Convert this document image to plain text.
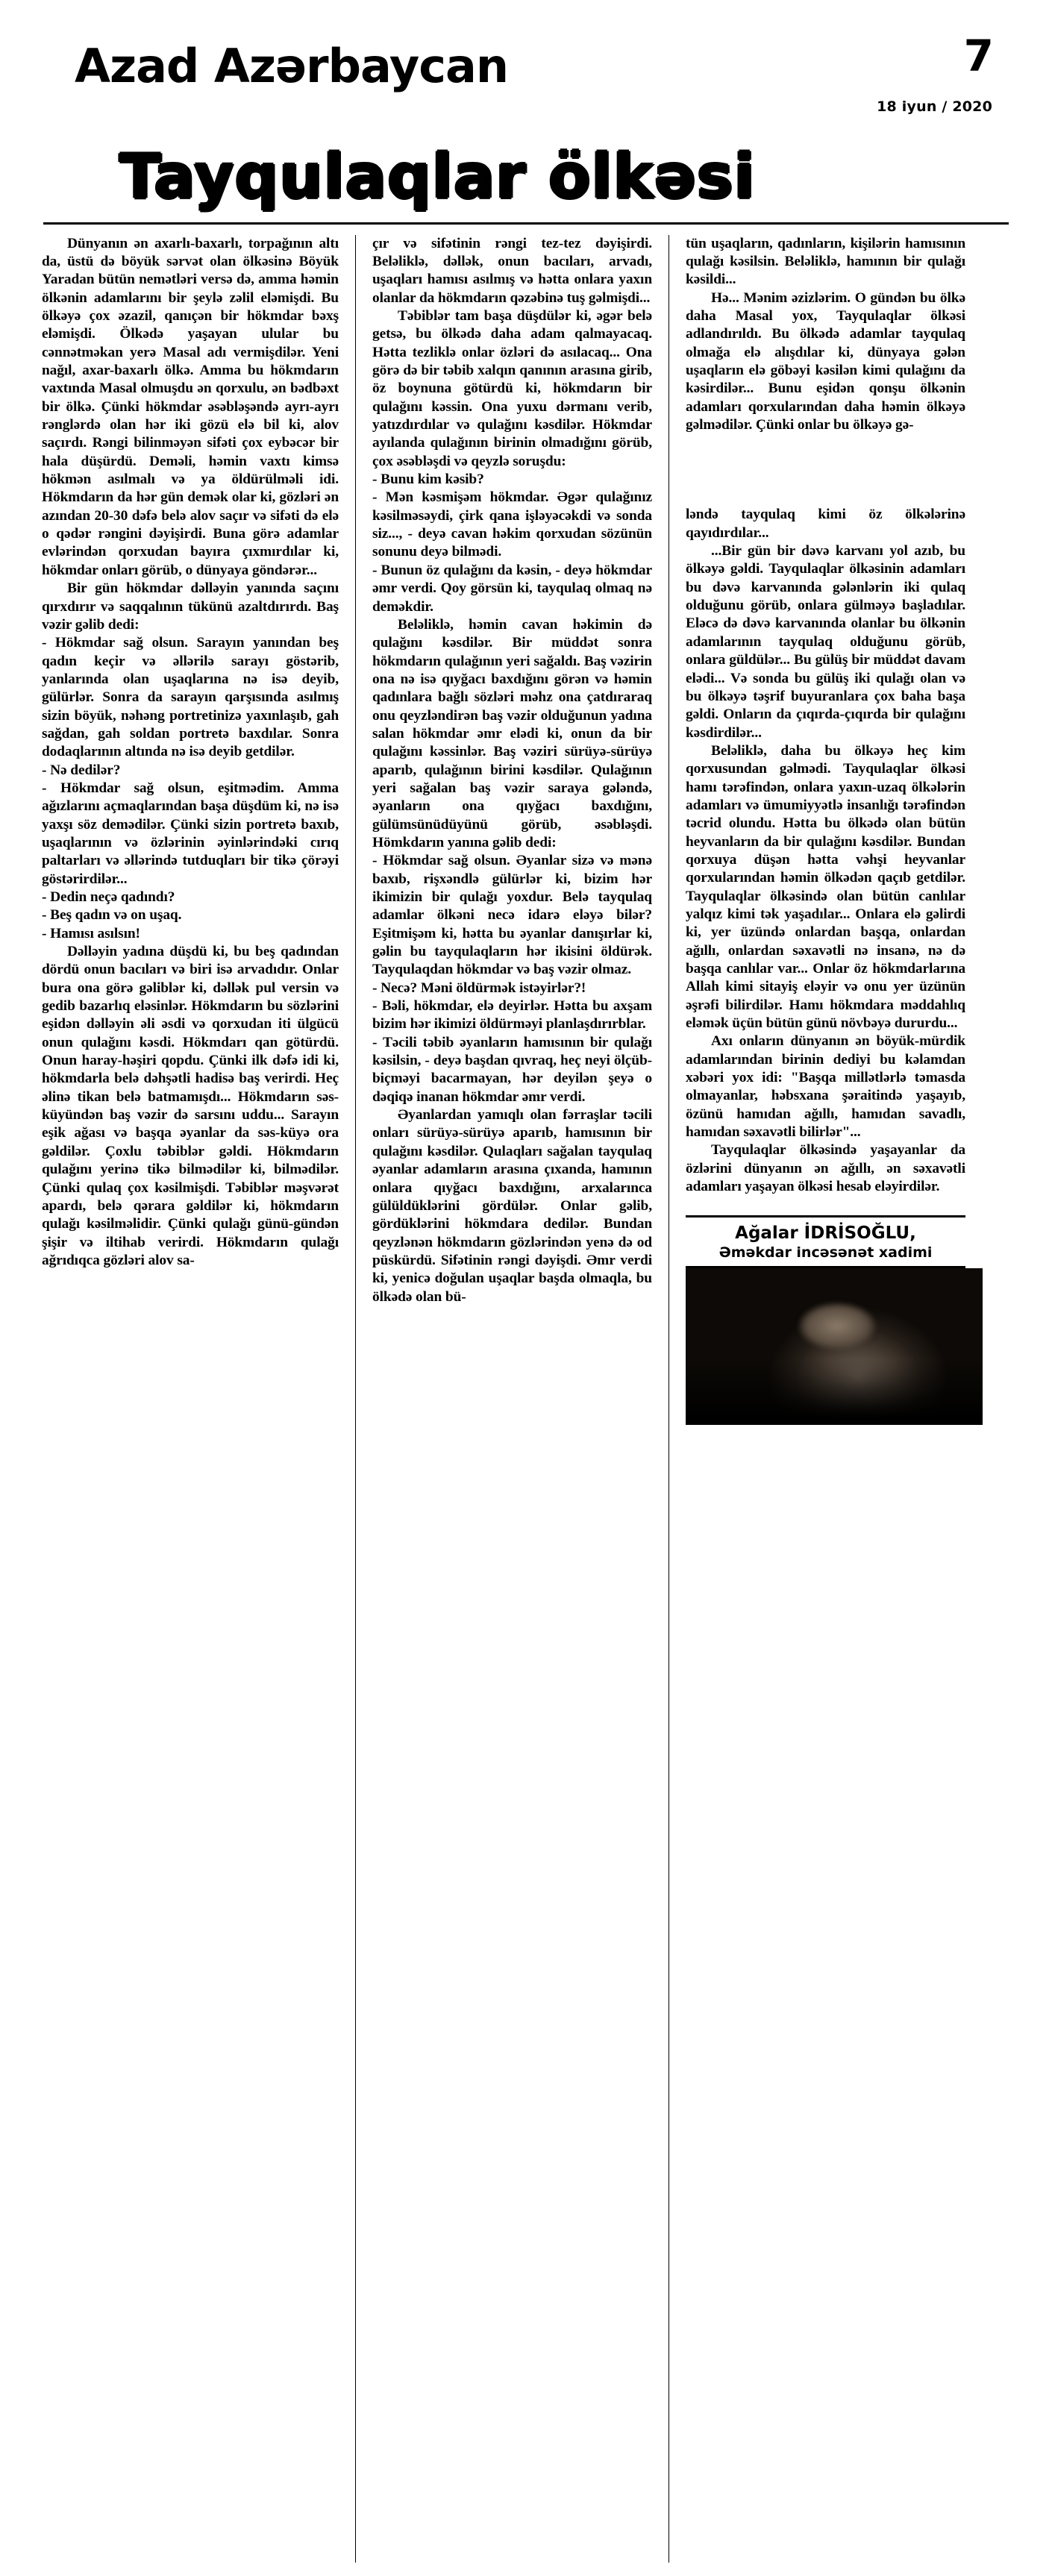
Azad Azərbaycan	7
18 iyun / 2020
Tayqulaqlar ölkəsi

Dünyanın ən axarlı-baxarlı, torpağının altı da, üstü də böyük sərvət olan ölkəsinə Böyük Yaradan bütün nemətləri versə də, amma həmin ölkənin adamlarını bir şeylə zəlil eləmişdi. Bu ölkəyə çox əzazil, qanıçən bir hökmdar bəxş eləmişdi. Ölkədə yaşayan ulular bu cənnətməkan yerə Masal adı vermişdilər. Yeni nağıl, axar-baxarlı ölkə. Amma bu hökmdarın vaxtında Masal olmuşdu ən qorxulu, ən bədbəxt bir ölkə. Çünki hökmdar əsəbləşəndə ayrı-ayrı rənglərdə olan hər iki gözü elə bil ki, alov saçırdı. Rəngi bilinməyən sifəti çox eybəcər bir hala düşürdü. Deməli, həmin vaxtı kimsə hökmən asılmalı və ya öldürülməli idi. Hökmdarın da hər gün demək olar ki, gözləri ən azından 20-30 dəfə belə alov saçır və sifəti də elə o qədər rənginі dəyişirdi. Buna görə adamlar evlərindən qorxudan bayıra çıxmırdılar ki, hökmdar onları görüb, o dünyaya göndərər...

Bir gün hökmdar dəlləyin yanında saçını qırxdırır və saqqalının tükünü azaltdırırdı. Baş vəzir gəlib dedi:

- Hökmdar sağ olsun. Sarayın yanından beş qadın keçir və əllərilə sarayı göstərib, yanlarında olan uşaqlarına nə isə deyib, gülürlər. Sonra da sarayın qarşısında asılmış sizin böyük, nəhəng portretinizə yaxınlaşıb, gah sağdan, gah soldan portretə baxdılar. Sonra dodaqlarının altında nə isə deyib getdilər.

- Nə dedilər?

- Hökmdar sağ olsun, eşitmədim. Amma ağızlarını açmaqlarından başa düşdüm ki, nə isə yaxşı söz demədilər. Çünki sizin portretə baxıb, uşaqlarının və özlərinin əyinlərindəki cırıq paltarları və əllərində tutduqları bir tikə çörəyi göstərirdilər...

- Dedin neçə qadındı?

- Beş qadın və on uşaq.

- Hamısı asılsın!

Dəlləyin yadına düşdü ki, bu beş qadından dördü onun bacıları və biri isə arvadıdır. Onlar bura ona görə gəliblər ki, dəllək pul versin və gedib bazarlıq eləsinlər. Hökmdarın bu sözlərini eşidən dəlləyin əli əsdi və qorxudan iti ülgücü onun qulağını kəsdi. Hökmdarı qan götürdü. Onun haray-həşiri qopdu. Çünki ilk dəfə idi ki, hökmdarla belə dəhşətli hadisə baş verirdi. Heç əlinə tikan belə batmamışdı... Hökmdarın səs-küyündən baş vəzir də sarsını uddu... Sarayın eşik ağası və başqa əyanlar da səs-küyə ora gəldilər. Çoxlu təbiblər gəldi. Hökmdarın qulağını yerinə tikə bilmədilər ki, bilmədilər. Çünki qulaq çox kəsilmişdi. Təbiblər məşvərət apardı, belə qərara gəldilər ki, hökmdarın qulağı kəsilməlidir. Çünki qulağı günü-gündən şişir və iltihab verirdi. Hökmdarın qulağı ağrıdıqca gözləri alov sa-

çır və sifətinin rəngi tez-tez dəyişirdi. Beləliklə, dəllək, onun bacıları, arvadı, uşaqları hamısı asılmış və hətta onlara yaxın olanlar da hökmdarın qəzəbinə tuş gəlmişdi...

Təbiblər tam başa düşdülər ki, əgər belə getsə, bu ölkədə daha adam qalmayacaq. Hətta tezliklə onlar özləri də asılacaq... Ona görə də bir təbib xalqın qanının arasına girib, öz boynuna götürdü ki, hökmdarın bir qulağını kəssin. Ona yuxu dərmanı verib, yatızdırdılar və qulağını kəsdilər. Hökmdar ayılanda qulağının birinin olmadığını görüb, çox əsəbləşdi və qeyzlə soruşdu:

- Bunu kim kəsib?

- Mən kəsmişəm hökmdar. Əgər qulağınız kəsilməsəydi, çirk qana işləyəcəkdi və sonda siz..., - deyə cavan həkim qorxudan sözünün sonunu deyə bilmədi.

- Bunun öz qulağını da kəsin, - deyə hökmdar əmr verdi. Qoy görsün ki, tayqulaq olmaq nə deməkdir.

Beləliklə, həmin cavan həkimin də qulağını kəsdilər. Bir müddət sonra hökmdarın qulağının yeri sağaldı. Baş vəzirin ona nə isə qıyğacı baxdığını görən və həmin qadınlara bağlı sözləri məhz ona çatdıraraq onu qeyzləndirən baş vəzir olduğunun yadına salan hökmdar əmr elədi ki, onun da bir qulağını kəssinlər. Baş vəziri sürüyə-sürüyə aparıb, qulağının birini kəsdilər. Qulağının yeri sağalan baş vəzir saraya gələndə, əyanların ona qıyğacı baxdığını, gülümsünüdüyünü görüb, əsəbləşdi. Hömkdarın yanına gəlib dedi:

- Hökmdar sağ olsun. Əyanlar sizə və mənə baxıb, rişxəndlə gülürlər ki, bizim hər ikimizin bir qulağı yoxdur. Belə tayqulaq adamlar ölkəni necə idarə eləyə bilər? Eşitmişəm ki, hətta bu əyanlar danışırlar ki, gəlin bu tayqulaqların hər ikisini öldürək. Tayqulaqdan hökmdar və baş vəzir olmaz.

- Necə? Məni öldürmək istəyirlər?!

- Bəli, hökmdar, elə deyirlər. Hətta bu axşam bizim hər ikimizi öldürməyi planlaşdırırblar.

- Təcili təbib əyanların hamısının bir qulağı kəsilsin, - deyə başdan qıvraq, heç neyi ölçüb-biçməyi bacarmayan, hər deyilən şeyə o dəqiqə inanan hökmdar əmr verdi.

Əyanlardan yamıqlı olan fərraşlar təcili onları sürüyə-sürüyə aparıb, hamısının bir qulağını kəsdilər. Qulaqları sağalan tayqulaq əyanlar adamların arasına çıxanda, hamının onlara qıyğacı baxdığını, arxalarınca gülüldüklərini gördülər. Onlar gəlib, gördüklərini hökmdara dedilər. Bundan qeyzlənən hökmdarın gözlərindən yenə də od püskürdü. Sifətinin rəngi dəyişdi. Əmr verdi ki, yenicə doğulan uşaqlar başda olmaqla, bu ölkədə olan bü-

tün uşaqların, qadınların, kişilərin hamısının qulağı kəsilsin. Beləliklə, hamının bir qulağı kəsildi...

Hə... Mənim əzizlərim. O gündən bu ölkə daha Masal yox, Tayqulaqlar ölkəsi adlandırıldı. Bu ölkədə adamlar tayqulaq olmağa elə alışdılar ki, dünyaya gələn uşaqların elə göbəyi kəsilən kimi qulağını da kəsirdilər... Bunu eşidən qonşu ölkənin adamları qorxularından daha həmin ölkəyə gəlmədilər. Çünki onlar bu ölkəyə gə-

ləndə tayqulaq kimi öz ölkələrinə qayıdırdılar...

...Bir gün bir dəvə karvanı yol azıb, bu ölkəyə gəldi. Tayqulaqlar ölkəsinin adamları bu dəvə karvanında gələnlərin iki qulaq olduğunu görüb, onlara gülməyə başladılar. Eləcə də dəvə karvanında olanlar bu ölkənin adamlarının tayqulaq olduğunu görüb, onlara güldülər... Bu gülüş bir müddət davam elədi... Və sonda bu gülüş iki qulağı olan və bu ölkəyə təşrif buyuranlara çox baha başa gəldi. Onların da çıqırda-çıqırda bir qulağını kəsdirdilər...

Beləliklə, daha bu ölkəyə heç kim qorxusundan gəlmədi. Tayqulaqlar ölkəsi hamı tərəfindən, onlara yaxın-uzaq ölkələrin adamları və ümumiyyətlə insanlığı tərəfindən təcrid olundu. Hətta bu ölkədə olan bütün heyvanların da bir qulağını kəsdilər. Bundan qorxuya düşən hətta vəhşi heyvanlar qorxularından həmin ölkədən qaçıb getdilər. Tayqulaqlar ölkəsində olan bütün canlılar yalqız kimi tək yaşadılar... Onlara elə gəlirdi ki, yer üzündə onlardan başqa, onlardan ağıllı, onlardan səxavətli nə insanə, nə də başqa canlılar var... Onlar öz hökmdarlarına Allah kimi sitayiş eləyir və onu yer üzünün əşrəfi bilirdilər. Hamı hökmdara məddahlıq eləmək üçün bütün günü növbəyə dururdu...

Axı onların dünyanın ən böyük-mürdik adamlarından birinin dediyi bu kəlamdan xəbəri yox idi: "Başqa millətlərlə təmasda olmayanlar, həbsxana şəraitində yaşayıb, özünü hamıdan ağıllı, hamıdan savadlı, hamıdan səxavətli bilirlər"...

Tayqulaqlar ölkəsində yaşayanlar da özlərini dünyanın ən ağıllı, ən səxavətli adamları yaşayan ölkəsi hesab eləyirdilər.

Ağalar İDRİSOĞLU,
Əməkdar incəsənət xadimi
